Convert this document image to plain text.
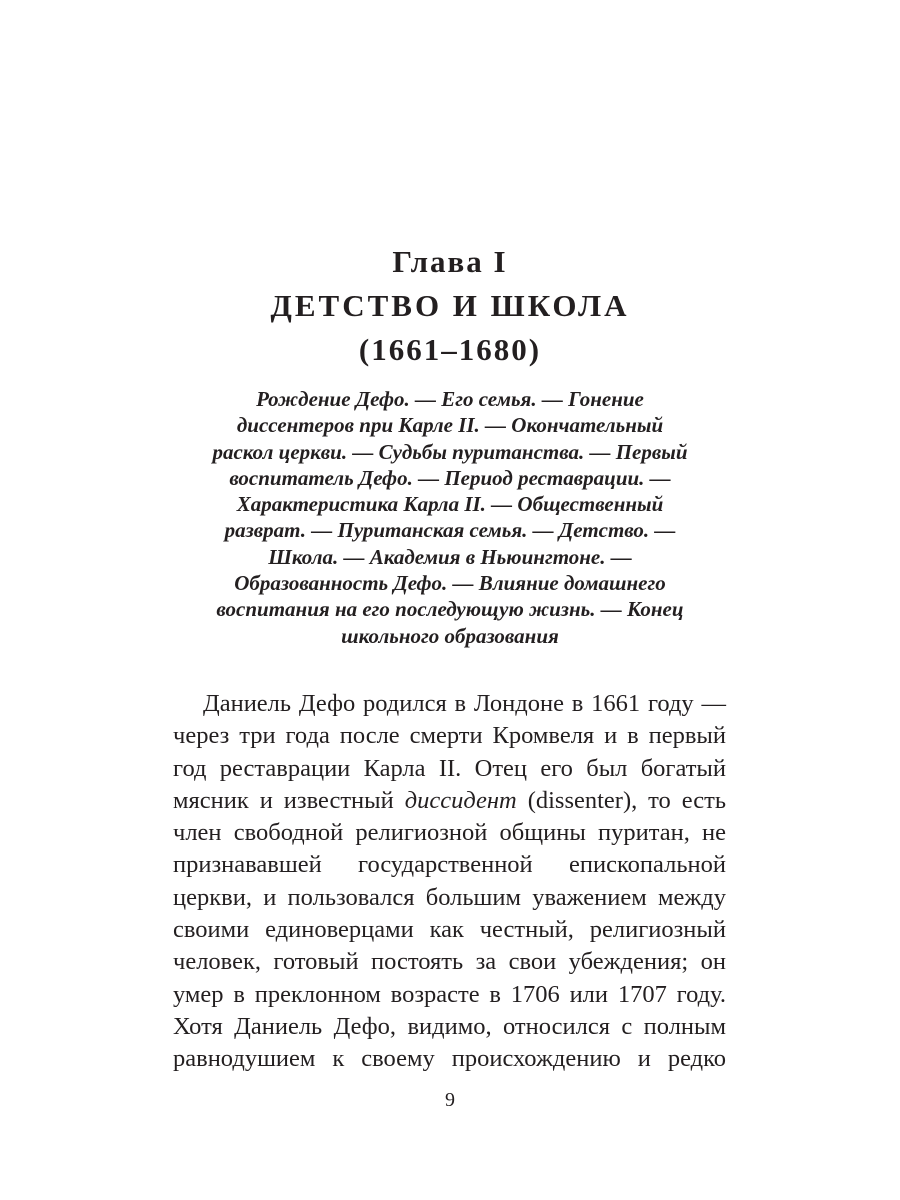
Глава I
ДЕТСТВО И ШКОЛА
(1661–1680)
Рождение Дефо. — Его семья. — Гонение
диссентеров при Карле II. — Окончательный
раскол церкви. — Судьбы пуританства. — Первый
воспитатель Дефо. — Период реставрации. —
Характеристика Карла II. — Общественный
разврат. — Пуританская семья. — Детство. —
Школа. — Академия в Ньюингтоне. —
Образованность Дефо. — Влияние домашнего
воспитания на его последующую жизнь. — Конец
школьного образования
Даниель Дефо родился в Лондоне в 1661 году —
через три года после смерти Кромвеля и в первый
год реставрации Карла II. Отец его был богатый
мясник и известный диссидент (dissenter), то есть
член свободной религиозной общины пуритан, не
признававшей государственной епископальной
церкви, и пользовался большим уважением между
своими единоверцами как честный, религиозный
человек, готовый постоять за свои убеждения; он
умер в преклонном возрасте в 1706 или 1707 году.
Хотя Даниель Дефо, видимо, относился с полным
равнодушием к своему происхождению и редко
9
